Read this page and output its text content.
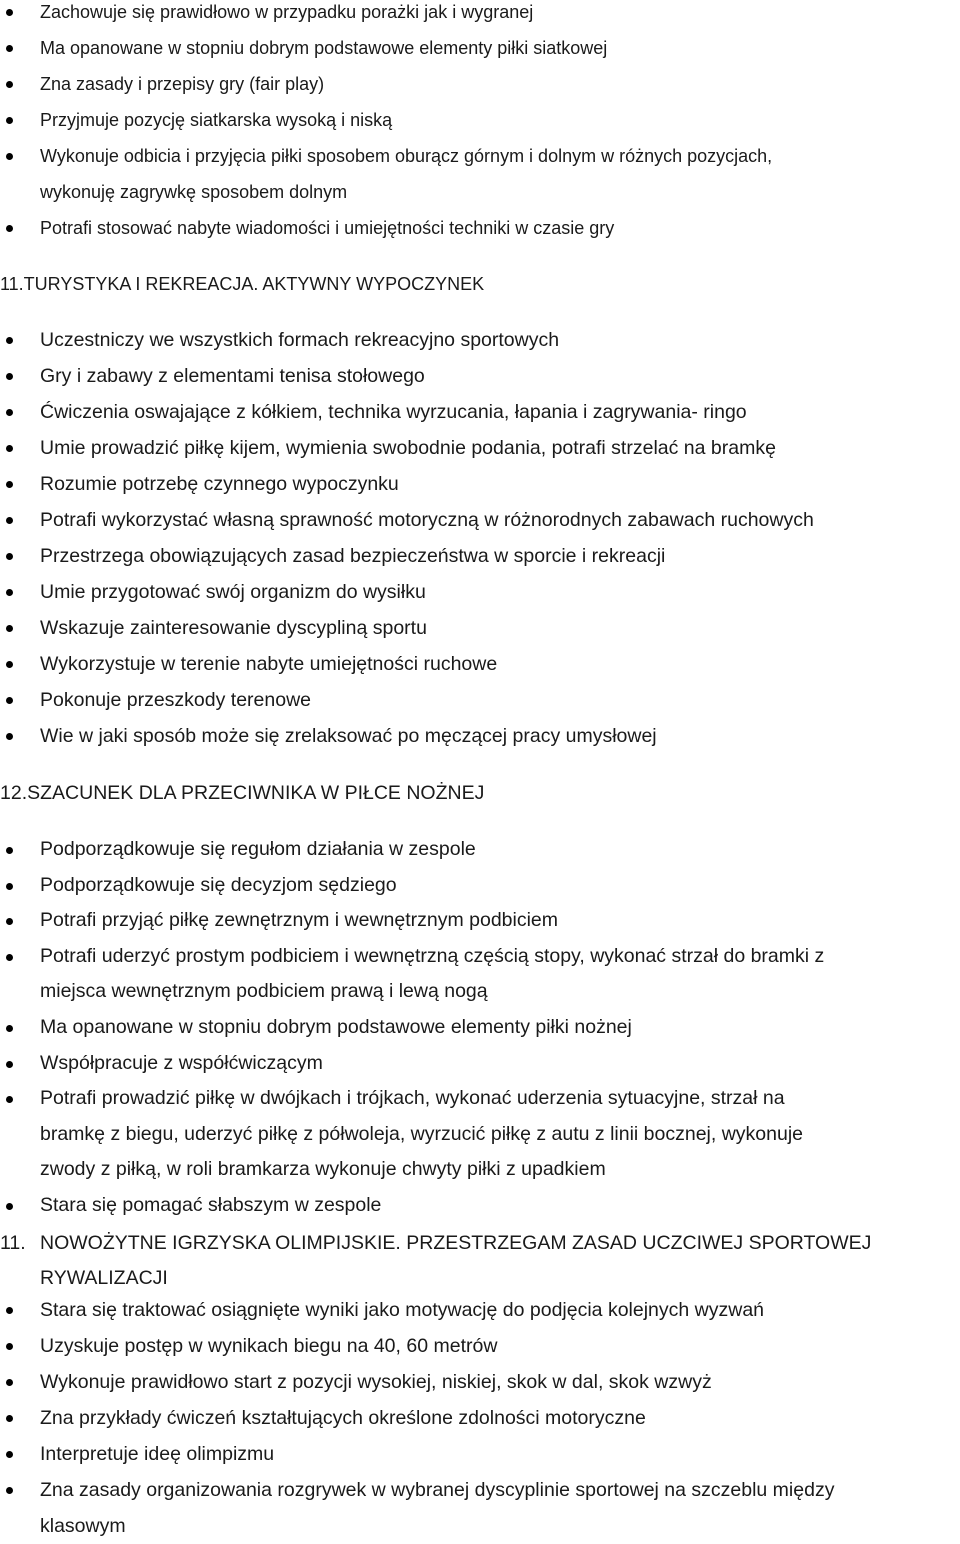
Zachowuje się prawidłowo w przypadku porażki jak i wygranej
Ma opanowane w stopniu dobrym podstawowe elementy piłki siatkowej
Zna zasady i przepisy gry (fair play)
Przyjmuje pozycję siatkarska wysoką i niską
Wykonuje odbicia i przyjęcia piłki sposobem oburącz górnym i dolnym w różnych pozycjach,
wykonuję zagrywkę sposobem dolnym
Potrafi stosować nabyte wiadomości i umiejętności techniki w czasie gry
11.TURYSTYKA I REKREACJA. AKTYWNY WYPOCZYNEK
Uczestniczy we wszystkich formach rekreacyjno sportowych
Gry i zabawy z elementami tenisa stołowego
Ćwiczenia oswajające z kółkiem, technika wyrzucania, łapania i zagrywania- ringo
Umie prowadzić piłkę kijem, wymienia swobodnie podania, potrafi strzelać na bramkę
Rozumie potrzebę czynnego wypoczynku
Potrafi wykorzystać własną sprawność motoryczną w różnorodnych zabawach ruchowych
Przestrzega obowiązujących zasad bezpieczeństwa w sporcie i rekreacji
Umie przygotować swój organizm do wysiłku
Wskazuje zainteresowanie dyscypliną sportu
Wykorzystuje w terenie nabyte umiejętności ruchowe
Pokonuje przeszkody terenowe
Wie w jaki sposób może się zrelaksować po męczącej pracy umysłowej
12.SZACUNEK DLA PRZECIWNIKA W PIŁCE NOŻNEJ
Podporządkowuje się regułom działania w zespole
Podporządkowuje się decyzjom sędziego
Potrafi przyjąć piłkę zewnętrznym i wewnętrznym podbiciem
Potrafi uderzyć prostym podbiciem i wewnętrzną częścią stopy, wykonać strzał do bramki z
miejsca wewnętrznym podbiciem prawą i lewą nogą
Ma opanowane w stopniu dobrym podstawowe elementy piłki nożnej
Współpracuje z współćwiczącym
Potrafi prowadzić piłkę w dwójkach i trójkach, wykonać uderzenia sytuacyjne, strzał na
bramkę z biegu, uderzyć piłkę z półwoleja, wyrzucić piłkę z autu z linii bocznej, wykonuje
zwody z piłką, w roli bramkarza wykonuje chwyty piłki z upadkiem
Stara się pomagać słabszym w zespole
11. NOWOŻYTNE IGRZYSKA OLIMPIJSKIE. PRZESTRZEGAM ZASAD UCZCIWEJ SPORTOWEJ
RYWALIZACJI
Stara się traktować osiągnięte wyniki jako motywację do podjęcia kolejnych wyzwań
Uzyskuje postęp w wynikach biegu na 40, 60 metrów
Wykonuje prawidłowo start z pozycji wysokiej, niskiej, skok w dal, skok wzwyż
Zna przykłady ćwiczeń kształtujących określone zdolności motoryczne
Interpretuje ideę olimpizmu
Zna zasady organizowania rozgrywek w wybranej dyscyplinie sportowej na szczeblu między
klasowym
